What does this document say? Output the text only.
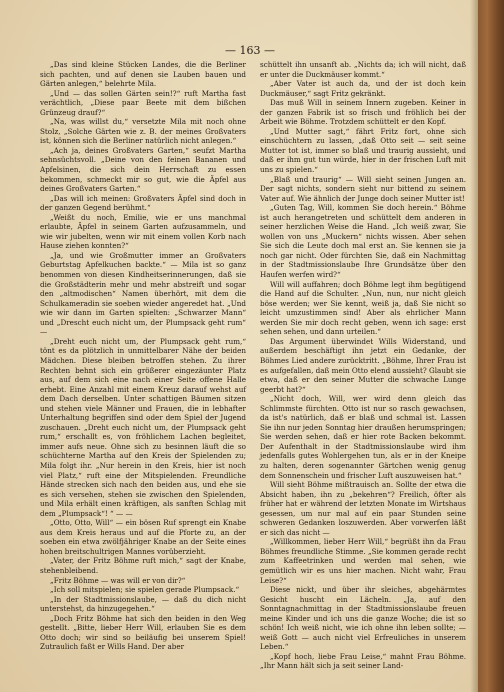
— 163 —

„Das sind kleine Stücken Landes, die die Berliner sich pachten, und auf denen sie Lauben bauen und Gärten anlegen,“ belehrte Mila.

„Und — das sollen Gärten sein!?“ ruft Martha fast verächtlich, „Diese paar Beete mit dem bißchen Grünzeug drauf?“

„Na, was willst du,“ versetzte Mila mit noch ohne Stolz, „Solche Gärten wie z. B. der meines Großvaters ist, können sich die Berliner natürlich nicht anlegen.“

„Ach ja, deines Großvaters Garten,“ seufzt Martha sehnsüchtsvoll. „Deine von den feinen Bananen und Apfelsinen, die sich dein Herrschaft zu essen bekommen, schmeckt mir so gut, wie die Äpfel aus deines Großvaters Garten.“

„Das will ich meinen: Großvaters Äpfel sind doch in der ganzen Gegend berühmt.“

„Weißt du noch, Emilie, wie er uns manchmal erlaubte, Äpfel in seinem Garten aufzusammeln, und wie wir jubelten, wenn wir mit einem vollen Korb nach Hause ziehen konnten?“

„Ja, und wie Großmutter immer an Großvaters Geburtstag Apfelkuchen backte.“ — Mila ist so ganz benommen von diesen Kindheitserinnerungen, daß sie die Großstädterin mehr und mehr abstreift und sogar den „altmodischen“ Namen überhört, mit dem die Schulkameradin sie soeben wieder angeredet hat. „Und wie wir dann im Garten spielten: „Schwarzer Mann“ und „Drescht euch nicht um, der Plumpsack geht rum“ —

„Dreht euch nicht um, der Plumpsack geht rum,“ tönt es da plötzlich in unmittelbarer Nähe der beiden Mädchen. Diese bleiben betroffen stehen. Zu ihrer Rechten behnt sich ein größerer eingezäunter Platz aus, auf dem sich eine nach einer Seite offene Halle erhebt. Eine Anzahl mit einem Kreuz darauf wehst auf dem Dach derselben. Unter schattigen Bäumen sitzen und stehen viele Männer und Frauen, die in lebhafter Unterhaltung begriffen sind oder dem Spiel der Jugend zuschauen. „Dreht euch nicht um, der Plumpsack geht rum,“ erschallt es, von fröhlichem Lachen begleitet, immer aufs neue. Ohne sich zu besinnen läuft die so schüchterne Martha auf den Kreis der Spielenden zu; Mila folgt ihr. „Nur herein in den Kreis, hier ist noch viel Platz,“ ruft eine der Mitspielenden. Freundliche Hände strecken sich nach den beiden aus, und ehe sie es sich versehen, stehen sie zwischen den Spielenden, und Mila erhält einen kräftigen, als sanften Schlag mit dem „Plumpsack“! “ — —

„Otto, Otto, Will“ — ein bösen Ruf sprengt ein Knabe aus dem Kreis heraus und auf die Pforte zu, an der soeben ein etwa zwölfjähriger Knabe an der Seite eines hohen breitschultrigen Mannes vorüberzieht.

„Vater, der Fritz Böhme ruft mich,“ sagt der Knabe, stehenbleibend.

„Fritz Böhme — was will er von dir?“

„Ich soll mitspielen; sie spielen gerade Plumpsack.“

„In der Stadtmissionslaube, — daß du dich nicht unterstehst, da hinzugegehen.“

„Doch Fritz Böhme hat sich den beiden in den Weg gestellt. „Bitte, lieber Herr Will, erlauben Sie es dem Otto doch; wir sind so beiläufig bei unserem Spiel! Zutraulich faßt er Wills Hand. Der aber

schüttelt ihn unsanft ab. „Nichts da; ich will nicht, daß er unter die Duckmäuser kommt.“

„Aber Vater ist auch da, und der ist doch kein Duckmäuser,“ sagt Fritz gekränkt.

Das muß Will in seinem Innern zugeben. Keiner in der ganzen Fabrik ist so frisch und fröhlich bei der Arbeit wie Böhme. Trotzdem schüttelt er den Kopf.

„Und Mutter sagt,“ fährt Fritz fort, ohne sich einschüchtern zu lassen, „daß Otto seit — seit seine Mutter tot ist, immer so blaß und traurig aussieht, und daß er ihm gut tun würde, hier in der frischen Luft mit uns zu spielen.“

„Blaß und traurig“ — Will sieht seinen Jungen an. Der sagt nichts, sondern sieht nur bittend zu seinem Vater auf. Wie ähnlich der Junge doch seiner Mutter ist!

„Guten Tag, Will, kommen Sie doch herein.“ Böhme ist auch herangetreten und schüttelt dem anderen in seiner herzlichen Weise die Hand. „Ich weiß zwar, Sie wollen von uns „Muckern“ nichts wissen. Aber sehen Sie sich die Leute doch mal erst an. Sie kennen sie ja noch gar nicht. Oder fürchten Sie, daß ein Nachmittag in der Stadtmissionslaube Ihre Grundsätze über den Haufen werfen wird?“

Will will auffahren; doch Böhme legt ihm begütigend die Hand auf die Schulter. „Nun, nun, nur nicht gleich böse werden; wer Sie kennt, weiß ja, daß Sie nicht so leicht umzustimmen sind! Aber als ehrlicher Mann werden Sie mir doch recht geben, wenn ich sage: erst sehen sehen, und dann urteilen.“

Das Argument überwindet Wills Widerstand, und außerdem beschäftigt ihn jetzt ein Gedanke, der Böhmes Lied andere zurücktritt. „Böhme, Ihrer Frau ist es aufgefallen, daß mein Otto elend aussieht? Glaubt sie etwa, daß er den seiner Mutter die schwache Lunge geerbt hat?“

„Nicht doch, Will, wer wird denn gleich das Schlimmste fürchten. Otto ist nur so rasch gewachsen, da ist's natürlich, daß er blaß und schmal ist. Lassen Sie ihn nur jeden Sonntag hier draußen herumspringen; Sie werden sehen, daß er hier rote Backen bekommt. Der Aufenthalt in der Stadtmissionslaube wird ihm jedenfalls gutes Wohlergehen tun, als er in der Kneipe zu halten, deren sogenannter Gärtchen wenig genug dem Sonnenschein und frischer Luft auszuweisen hat.“

Will sieht Böhme mißtrauisch an. Sollte der etwa die Absicht haben, ihn zu „bekehren“? Freilich, öfter als früher hat er während der letzten Monate im Wirtshaus gesessen, um nur mal auf ein paar Stunden seine schweren Gedanken loszuwerden. Aber vorwerfen läßt er sich das nicht —

„Willkommen, lieber Herr Will,“ begrüßt ihn da Frau Böhmes freundliche Stimme. „Sie kommen gerade recht zum Kaffeetrinken und werden mal sehen, wie gemütlich wir es uns hier machen. Nicht wahr, Frau Leise?“

Diese nickt, und über ihr sleiches, abgehärmtes Gesicht huscht ein Lächeln. „Ja, auf den Sonntagnachmittag in der Stadtmissionslaube freuen meine Kinder und ich uns die ganze Woche; die ist so schön! Ich weiß nicht, wie ich ohne ihn leben sollte; — weiß Gott — auch nicht viel Erfreuliches in unserem Leben.“

„Kopf hoch, liebe Frau Leise,“ mahnt Frau Böhme. „Ihr Mann hält sich ja seit seiner Land-
